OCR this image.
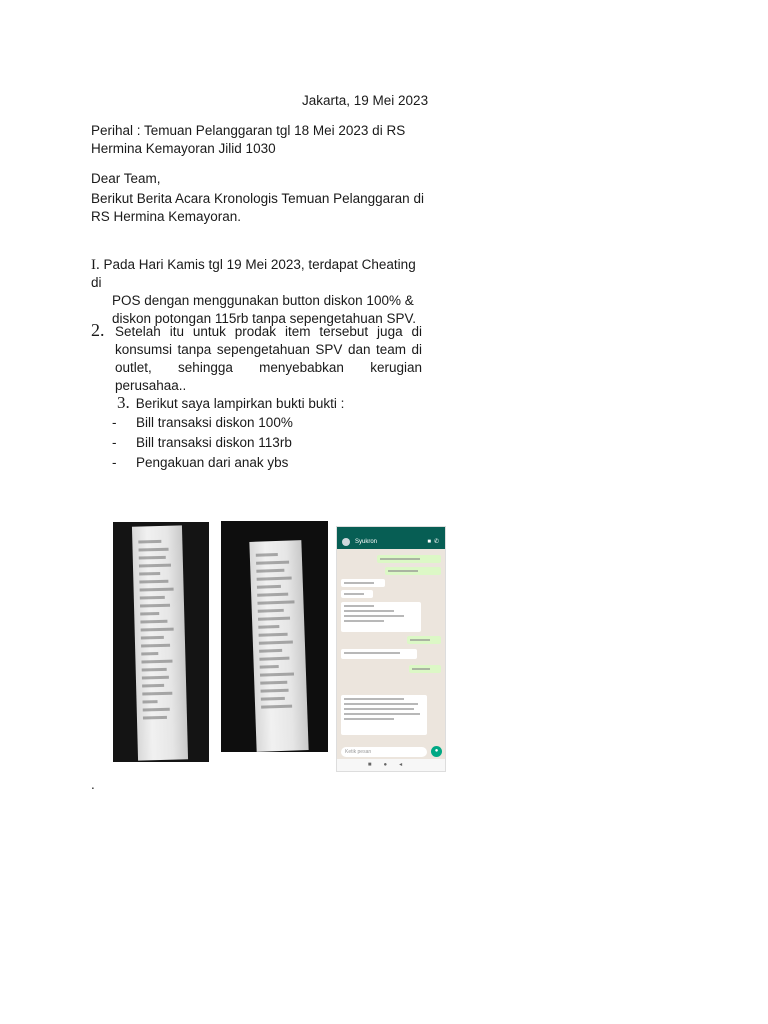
Jakarta, 19 Mei 2023
Perihal : Temuan Pelanggaran tgl 18 Mei 2023 di RS Hermina Kemayoran Jilid 1030
Dear Team,
Berikut Berita Acara Kronologis Temuan Pelanggaran di RS Hermina Kemayoran.
I. Pada Hari Kamis tgl 19 Mei 2023, terdapat Cheating di
POS dengan menggunakan button diskon 100% & diskon potongan 115rb tanpa sepengetahuan SPV.
2. Setelah itu untuk prodak item tersebut juga di konsumsi tanpa sepengetahuan SPV dan team di outlet, sehingga menyebabkan kerugian perusahaa..
3. Berikut saya lampirkan bukti bukti :
- Bill transaksi diskon 100%
- Bill transaksi diskon 113rb
- Pengakuan dari anak ybs
Syukron	■ ✆
Ketik pesan	●
■●◂
.
